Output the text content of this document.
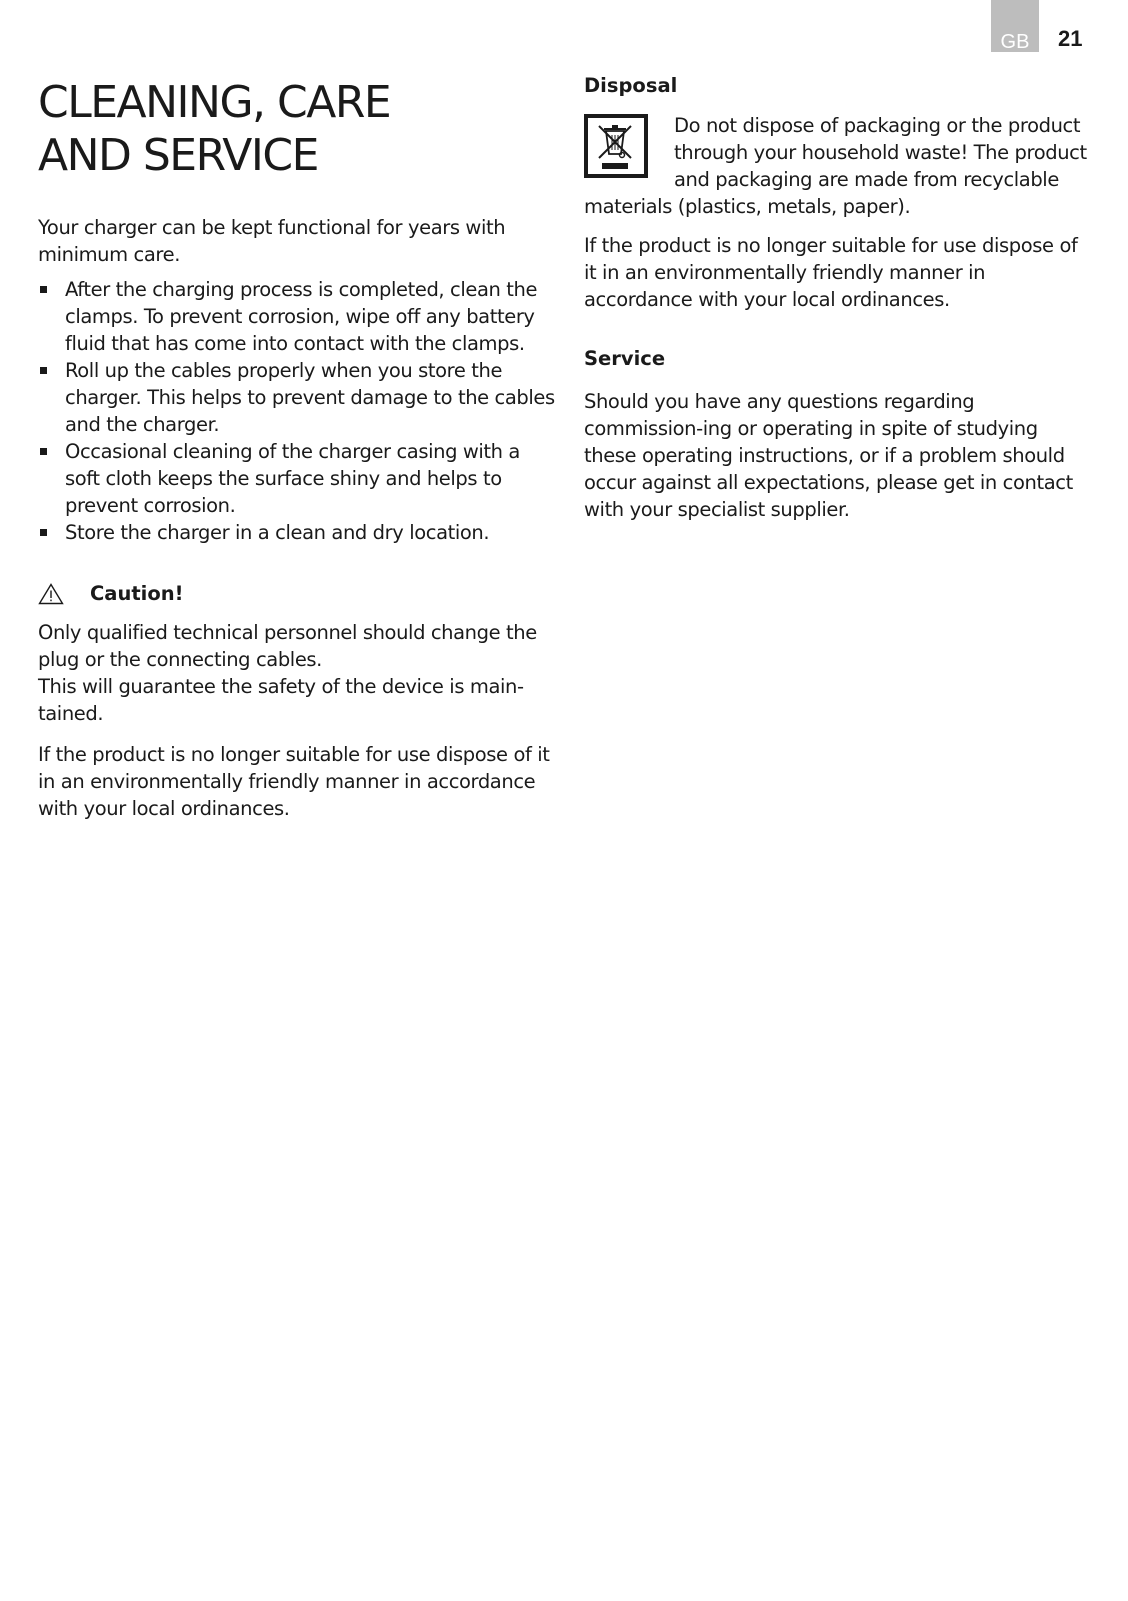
GB 21
CLEANING, CARE
AND SERVICE

Your charger can be kept functional for years with minimum care.

After the charging process is completed, clean the clamps. To prevent corrosion, wipe off any battery fluid that has come into contact with the clamps.
Roll up the cables properly when you store the charger. This helps to prevent damage to the cables and the charger.
Occasional cleaning of the charger casing with a soft cloth keeps the surface shiny and helps to prevent corrosion.
Store the charger in a clean and dry location.

Caution!

Only qualified technical personnel should change the plug or the connecting cables.

This will guarantee the safety of the device is main-tained.

If the product is no longer suitable for use dispose of it in an environmentally friendly manner in accordance with your local ordinances.

Disposal

Do not dispose of packaging or the product through your household waste! The product and packaging are made from recyclable materials (plastics, metals, paper).

If the product is no longer suitable for use dispose of it in an environmentally friendly manner in accordance with your local ordinances.

Service

Should you have any questions regarding commission-ing or operating in spite of studying these operating instructions, or if a problem should occur against all expectations, please get in contact with your specialist supplier.
